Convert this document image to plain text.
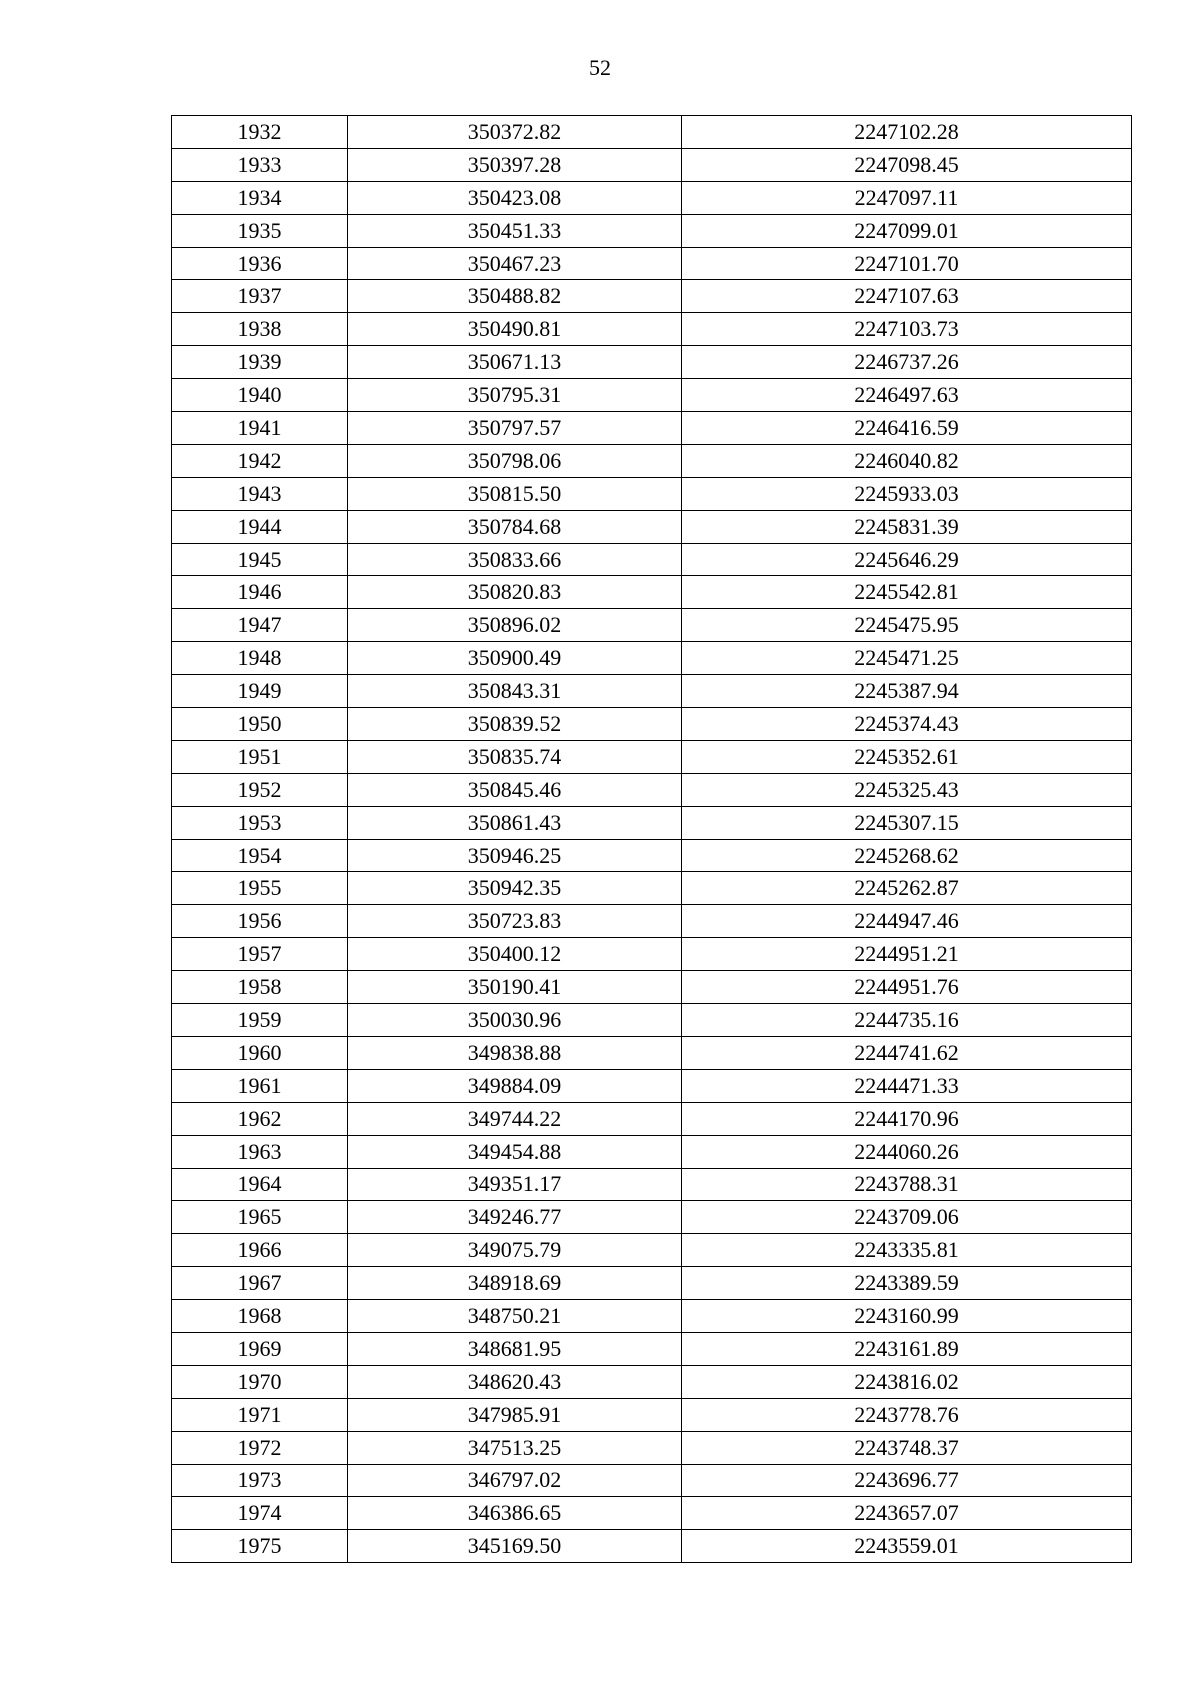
52
1932	350372.82	2247102.28
1933	350397.28	2247098.45
1934	350423.08	2247097.11
1935	350451.33	2247099.01
1936	350467.23	2247101.70
1937	350488.82	2247107.63
1938	350490.81	2247103.73
1939	350671.13	2246737.26
1940	350795.31	2246497.63
1941	350797.57	2246416.59
1942	350798.06	2246040.82
1943	350815.50	2245933.03
1944	350784.68	2245831.39
1945	350833.66	2245646.29
1946	350820.83	2245542.81
1947	350896.02	2245475.95
1948	350900.49	2245471.25
1949	350843.31	2245387.94
1950	350839.52	2245374.43
1951	350835.74	2245352.61
1952	350845.46	2245325.43
1953	350861.43	2245307.15
1954	350946.25	2245268.62
1955	350942.35	2245262.87
1956	350723.83	2244947.46
1957	350400.12	2244951.21
1958	350190.41	2244951.76
1959	350030.96	2244735.16
1960	349838.88	2244741.62
1961	349884.09	2244471.33
1962	349744.22	2244170.96
1963	349454.88	2244060.26
1964	349351.17	2243788.31
1965	349246.77	2243709.06
1966	349075.79	2243335.81
1967	348918.69	2243389.59
1968	348750.21	2243160.99
1969	348681.95	2243161.89
1970	348620.43	2243816.02
1971	347985.91	2243778.76
1972	347513.25	2243748.37
1973	346797.02	2243696.77
1974	346386.65	2243657.07
1975	345169.50	2243559.01
